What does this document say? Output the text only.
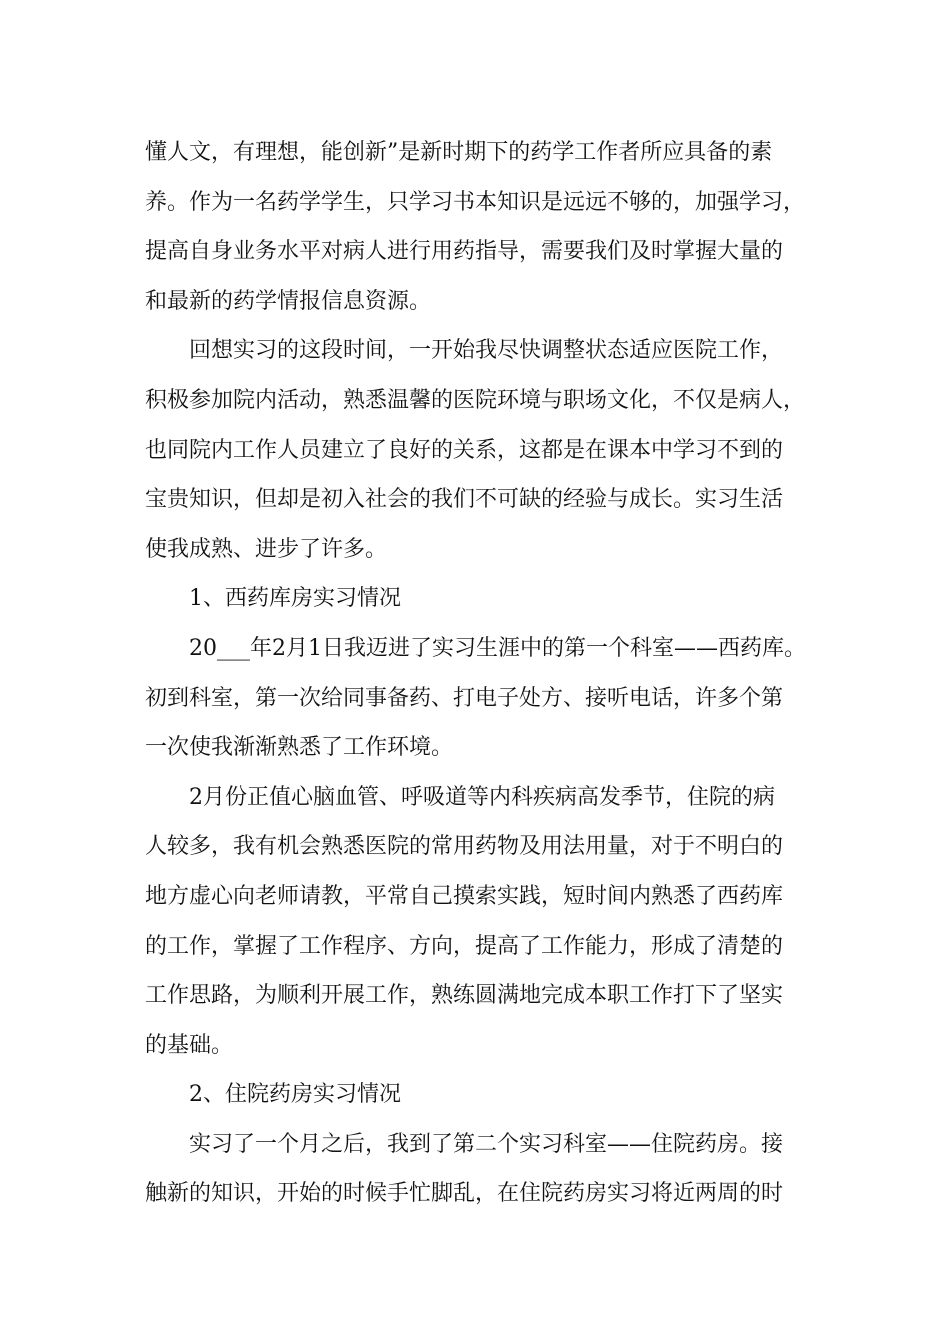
懂人文，有理想，能创新”是新时期下的药学工作者所应具备的素
养。作为一名药学学生，只学习书本知识是远远不够的，加强学习，
提高自身业务水平对病人进行用药指导，需要我们及时掌握大量的
和最新的药学情报信息资源。
回想实习的这段时间，一开始我尽快调整状态适应医院工作，
积极参加院内活动，熟悉温馨的医院环境与职场文化，不仅是病人，
也同院内工作人员建立了良好的关系，这都是在课本中学习不到的
宝贵知识，但却是初入社会的我们不可缺的经验与成长。实习生活
使我成熟、进步了许多。
1、西药库房实习情况
20___年2月1日我迈进了实习生涯中的第一个科室——西药库。
初到科室，第一次给同事备药、打电子处方、接听电话，许多个第
一次使我渐渐熟悉了工作环境。
2月份正值心脑血管、呼吸道等内科疾病高发季节，住院的病
人较多，我有机会熟悉医院的常用药物及用法用量，对于不明白的
地方虚心向老师请教，平常自己摸索实践，短时间内熟悉了西药库
的工作，掌握了工作程序、方向，提高了工作能力，形成了清楚的
工作思路，为顺利开展工作，熟练圆满地完成本职工作打下了坚实
的基础。
2、住院药房实习情况
实习了一个月之后，我到了第二个实习科室——住院药房。接
触新的知识，开始的时候手忙脚乱，在住院药房实习将近两周的时
